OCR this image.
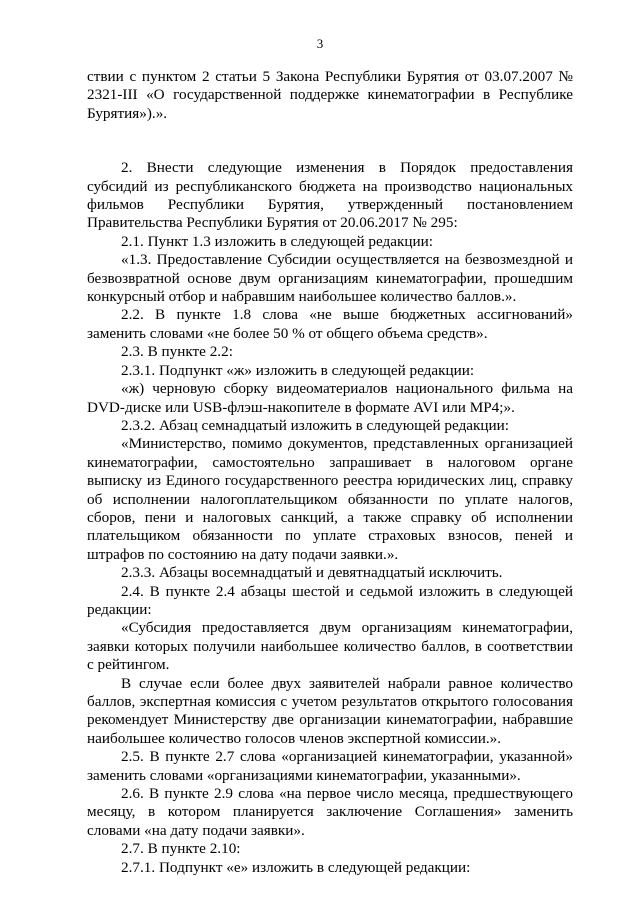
3

ствии с пунктом 2 статьи 5 Закона Республики Бурятия от 03.07.2007 № 2321-III «О государственной поддержке кинематографии в Республике Бурятия»).».

2. Внести следующие изменения в Порядок предоставления субсидий из республиканского бюджета на производство национальных фильмов Республики Бурятия, утвержденный постановлением Правительства Республики Бурятия от 20.06.2017 № 295:

2.1. Пункт 1.3 изложить в следующей редакции:

«1.3. Предоставление Субсидии осуществляется на безвозмездной и безвозвратной основе двум организациям кинематографии, прошедшим конкурсный отбор и набравшим наибольшее количество баллов.».

2.2. В пункте 1.8 слова «не выше бюджетных ассигнований» заменить словами «не более 50 % от общего объема средств».

2.3. В пункте 2.2:

2.3.1. Подпункт «ж» изложить в следующей редакции:

«ж) черновую сборку видеоматериалов национального фильма на DVD-диске или USB-флэш-накопителе в формате AVI или MP4;».

2.3.2. Абзац семнадцатый изложить в следующей редакции:

«Министерство, помимо документов, представленных организацией кинематографии, самостоятельно запрашивает в налоговом органе выписку из Единого государственного реестра юридических лиц, справку об исполнении налогоплательщиком обязанности по уплате налогов, сборов, пени и налоговых санкций, а также справку об исполнении плательщиком обязанности по уплате страховых взносов, пеней и штрафов по состоянию на дату подачи заявки.».

2.3.3. Абзацы восемнадцатый и девятнадцатый исключить.

2.4. В пункте 2.4 абзацы шестой и седьмой изложить в следующей редакции:

«Субсидия предоставляется двум организациям кинематографии, заявки которых получили наибольшее количество баллов, в соответствии с рейтингом.

В случае если более двух заявителей набрали равное количество баллов, экспертная комиссия с учетом результатов открытого голосования рекомендует Министерству две организации кинематографии, набравшие наибольшее количество голосов членов экспертной комиссии.».

2.5. В пункте 2.7 слова «организацией кинематографии, указанной» заменить словами «организациями кинематографии, указанными».

2.6. В пункте 2.9 слова «на первое число месяца, предшествующего месяцу, в котором планируется заключение Соглашения» заменить словами «на дату подачи заявки».

2.7. В пункте 2.10:

2.7.1. Подпункт «е» изложить в следующей редакции:
